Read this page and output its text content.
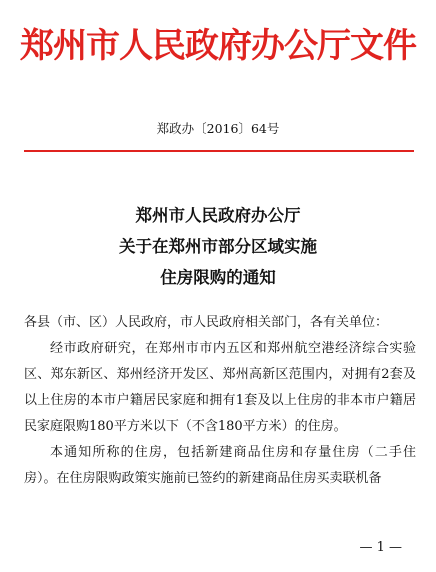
郑州市人民政府办公厅文件
郑政办〔2016〕64号
郑州市人民政府办公厅
关于在郑州市部分区域实施
住房限购的通知

各县（市、区）人民政府，市人民政府相关部门，各有关单位：

经市政府研究，在郑州市市内五区和郑州航空港经济综合实验区、郑东新区、郑州经济开发区、郑州高新区范围内，对拥有2套及以上住房的本市户籍居民家庭和拥有1套及以上住房的非本市户籍居民家庭限购180平方米以下（不含180平方米）的住房。

本通知所称的住房，包括新建商品住房和存量住房（二手住房）。在住房限购政策实施前已签约的新建商品住房买卖联机备

— 1 —
